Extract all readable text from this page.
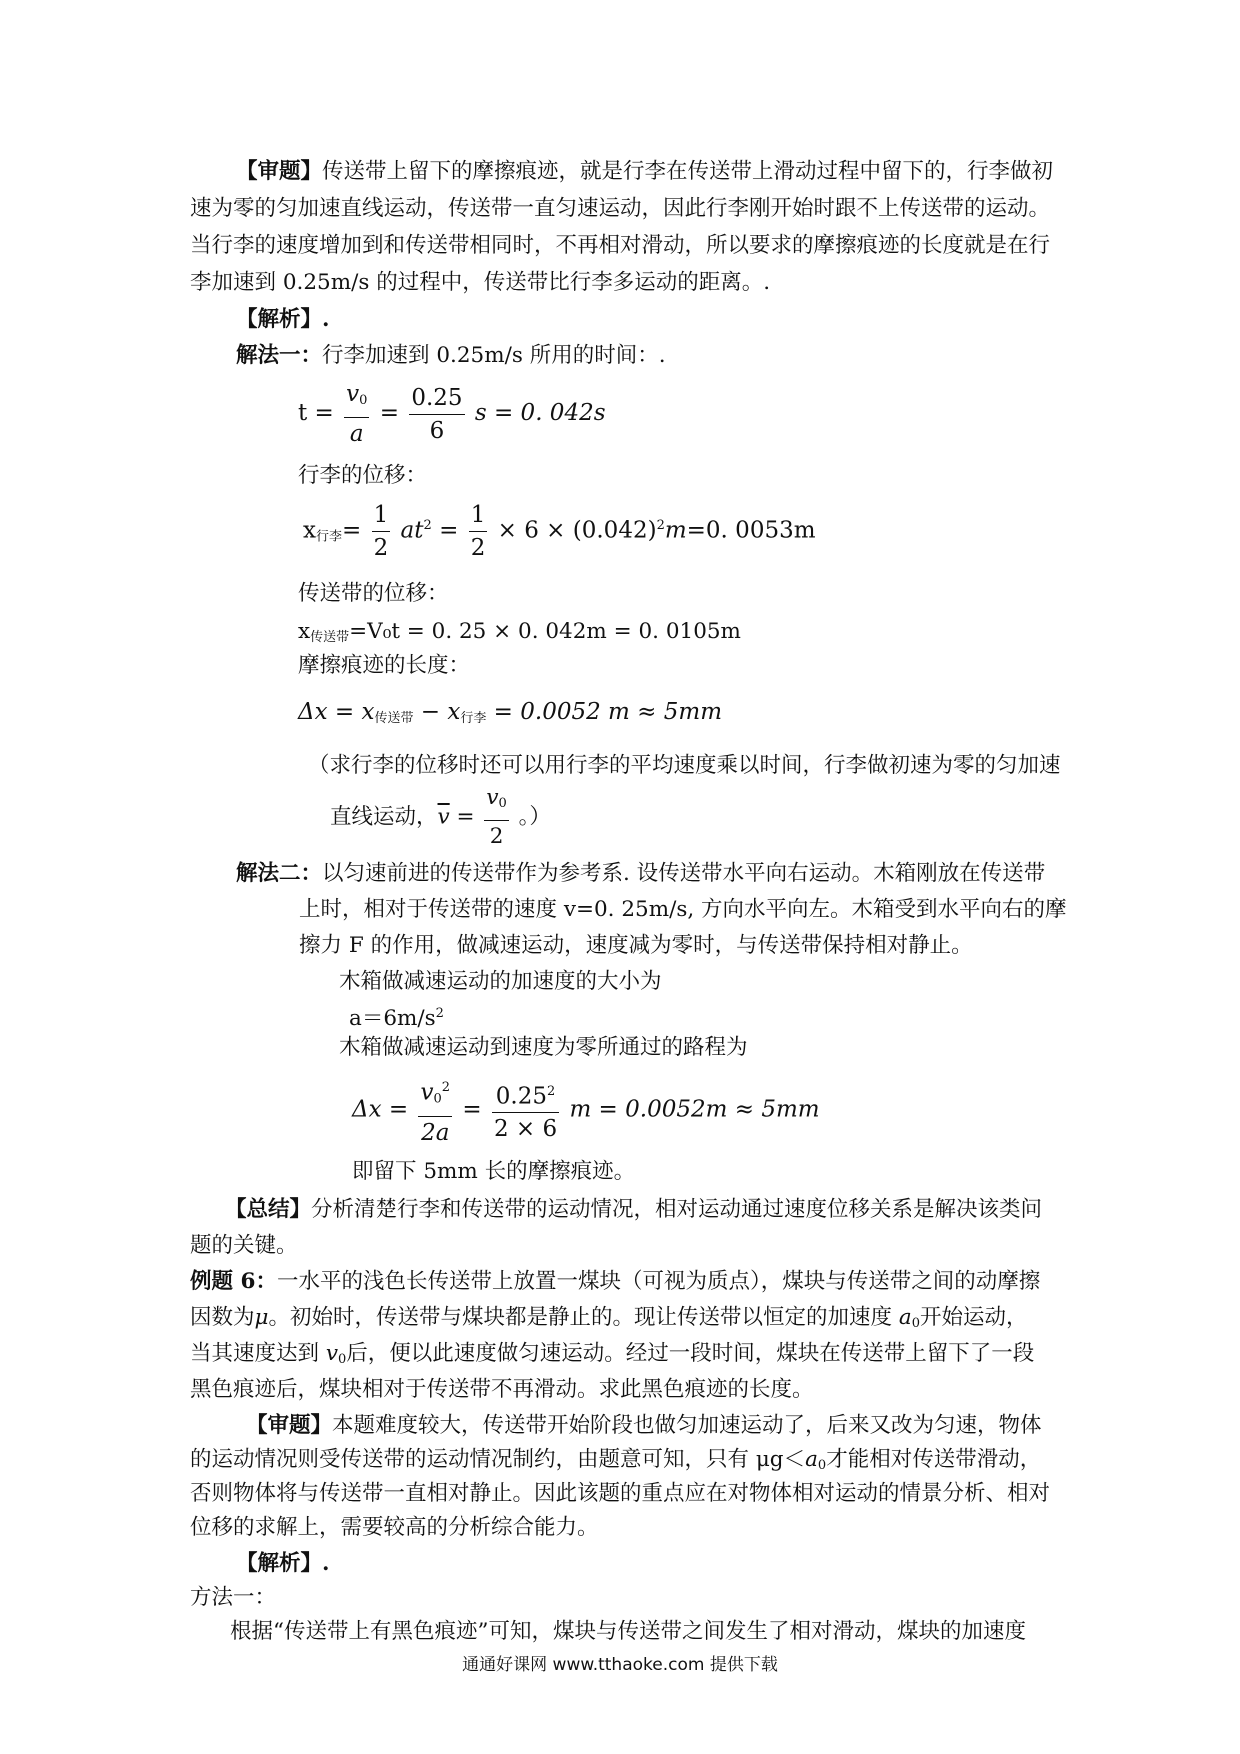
【审题】传送带上留下的摩擦痕迹，就是行李在传送带上滑动过程中留下的，行李做初
速为零的匀加速直线运动，传送带一直匀速运动，因此行李刚开始时跟不上传送带的运动。
当行李的速度增加到和传送带相同时，不再相对滑动，所以要求的摩擦痕迹的长度就是在行
李加速到 0.25m/s 的过程中，传送带比行李多运动的距离。.
【解析】.
解法一：行李加速到 0.25m/s 所用的时间：.
$t = \frac{v_0}{a} = \frac{0.25}{6}$ s = 0. 042s
行李的位移：
$x_{行李}= \frac{1}{2} at^2 = \frac{1}{2} \times 6 \times (0.042)^2m=0$. 0053m
传送带的位移：
$x_{传送带}=V_0t = 0$. 25 × 0. 042m = 0. 0105m
摩擦痕迹的长度：
$\Delta x = x_{传送带} - x_{行李} = 0.0052$ m ≈ 5mm
（求行李的位移时还可以用行李的平均速度乘以时间，行李做初速为零的匀加速
直线运动，$\overline{v} = \frac{v_0}{2}$ 。）
解法二：以匀速前进的传送带作为参考系. 设传送带水平向右运动。木箱刚放在传送带
上时，相对于传送带的速度 v=0. 25m/s, 方向水平向左。木箱受到水平向右的摩
擦力 F 的作用，做减速运动，速度减为零时，与传送带保持相对静止。
木箱做减速运动的加速度的大小为
$a=6m/s^2$
木箱做减速运动到速度为零所通过的路程为
$\Delta x = \frac{v_0^2}{2a} = \frac{0.25^2}{2 \times 6}$ m = 0.0052m ≈ 5mm
即留下 5mm 长的摩擦痕迹。
【总结】分析清楚行李和传送带的运动情况，相对运动通过速度位移关系是解决该类问
题的关键。
例题 6：一水平的浅色长传送带上放置一煤块（可视为质点），煤块与传送带之间的动摩擦
因数为μ。初始时，传送带与煤块都是静止的。现让传送带以恒定的加速度 $a_0$开始运动，
当其速度达到 $v_0$后，便以此速度做匀速运动。经过一段时间，煤块在传送带上留下了一段
黑色痕迹后，煤块相对于传送带不再滑动。求此黑色痕迹的长度。
【审题】本题难度较大，传送带开始阶段也做匀加速运动了，后来又改为匀速，物体
的运动情况则受传送带的运动情况制约，由题意可知，只有 $\mu g<a_0$才能相对传送带滑动，
否则物体将与传送带一直相对静止。因此该题的重点应在对物体相对运动的情景分析、相对
位移的求解上，需要较高的分析综合能力。
【解析】.
方法一：
根据“传送带上有黑色痕迹”可知，煤块与传送带之间发生了相对滑动，煤块的加速度
通通好课网 www.tthaoke.com 提供下载
